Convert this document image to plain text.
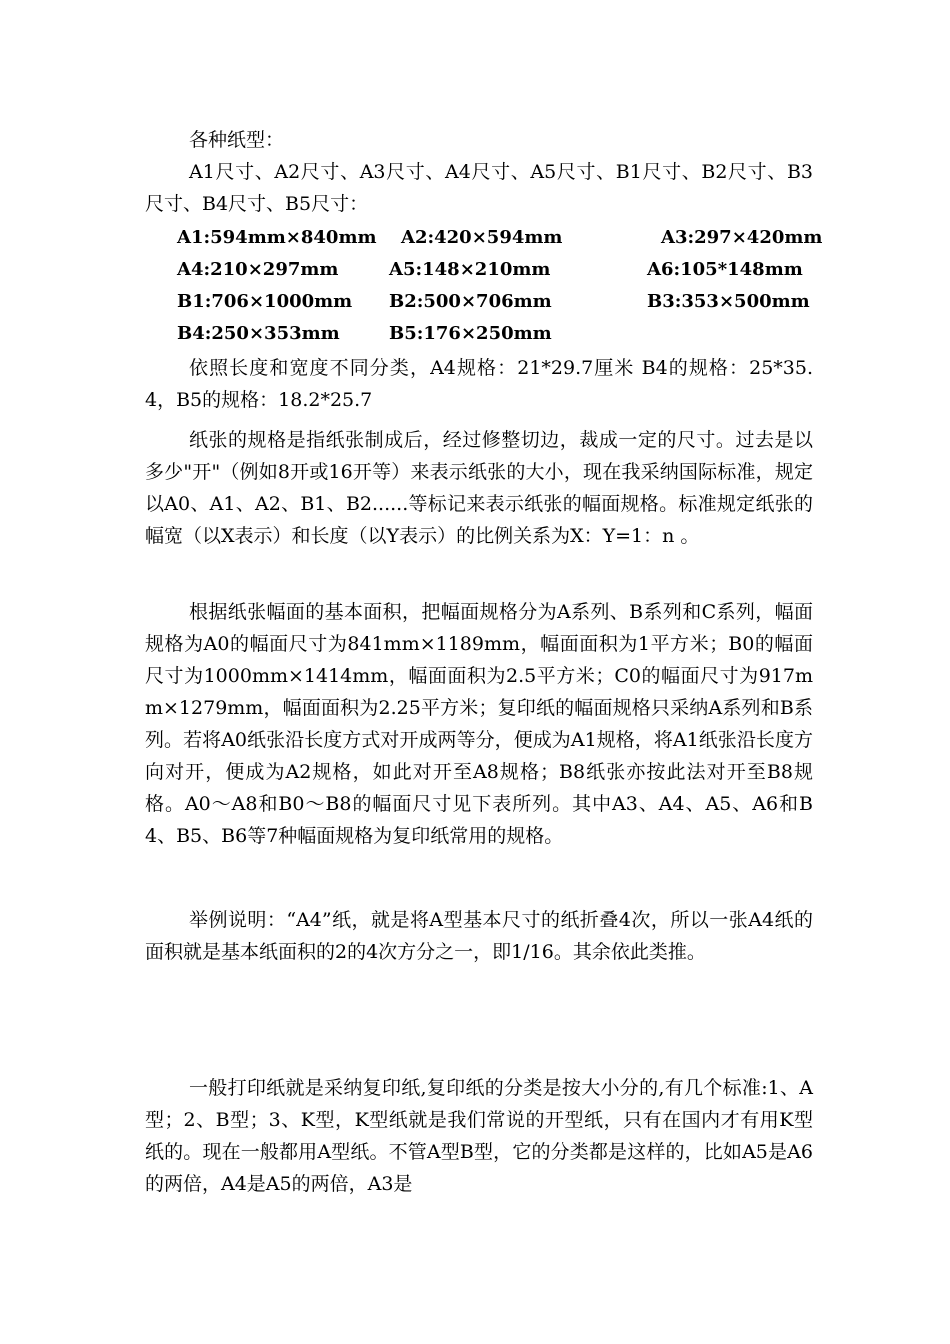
各种纸型：

A1尺寸、A2尺寸、A3尺寸、A4尺寸、A5尺寸、B1尺寸、B2尺寸、B3尺寸、B4尺寸、B5尺寸：

A1:594mm×840mm A2:420×594mm	A3:297×420mm
A4:210×297mm	A5:148×210mm	A6:105*148mm
B1:706×1000mm B2:500×706mm	B3:353×500mm
B4:250×353mm	B5:176×250mm

依照长度和宽度不同分类，A4规格：21*29.7厘米 B4的规格：25*35.4，B5的规格：18.2*25.7

纸张的规格是指纸张制成后，经过修整切边，裁成一定的尺寸。过去是以多少"开"（例如8开或16开等）来表示纸张的大小，现在我采纳国际标准，规定以A0、A1、A2、B1、B2......等标记来表示纸张的幅面规格。标准规定纸张的幅宽（以X表示）和长度（以Y表示）的比例关系为X：Y=1：n 。

根据纸张幅面的基本面积，把幅面规格分为A系列、B系列和C系列，幅面规格为A0的幅面尺寸为841mm×1189mm，幅面面积为1平方米；B0的幅面尺寸为1000mm×1414mm，幅面面积为2.5平方米；C0的幅面尺寸为917mm×1279mm，幅面面积为2.25平方米；复印纸的幅面规格只采纳A系列和B系列。若将A0纸张沿长度方式对开成两等分，便成为A1规格，将A1纸张沿长度方向对开，便成为A2规格，如此对开至A8规格；B8纸张亦按此法对开至B8规格。A0～A8和B0～B8的幅面尺寸见下表所列。其中A3、A4、A5、A6和B4、B5、B6等7种幅面规格为复印纸常用的规格。

举例说明：“A4”纸，就是将A型基本尺寸的纸折叠4次，所以一张A4纸的面积就是基本纸面积的2的4次方分之一，即1/16。其余依此类推。

一般打印纸就是采纳复印纸,复印纸的分类是按大小分的,有几个标准:1、A型；2、B型；3、K型，K型纸就是我们常说的开型纸，只有在国内才有用K型纸的。现在一般都用A型纸。不管A型B型，它的分类都是这样的，比如A5是A6的两倍，A4是A5的两倍，A3是
